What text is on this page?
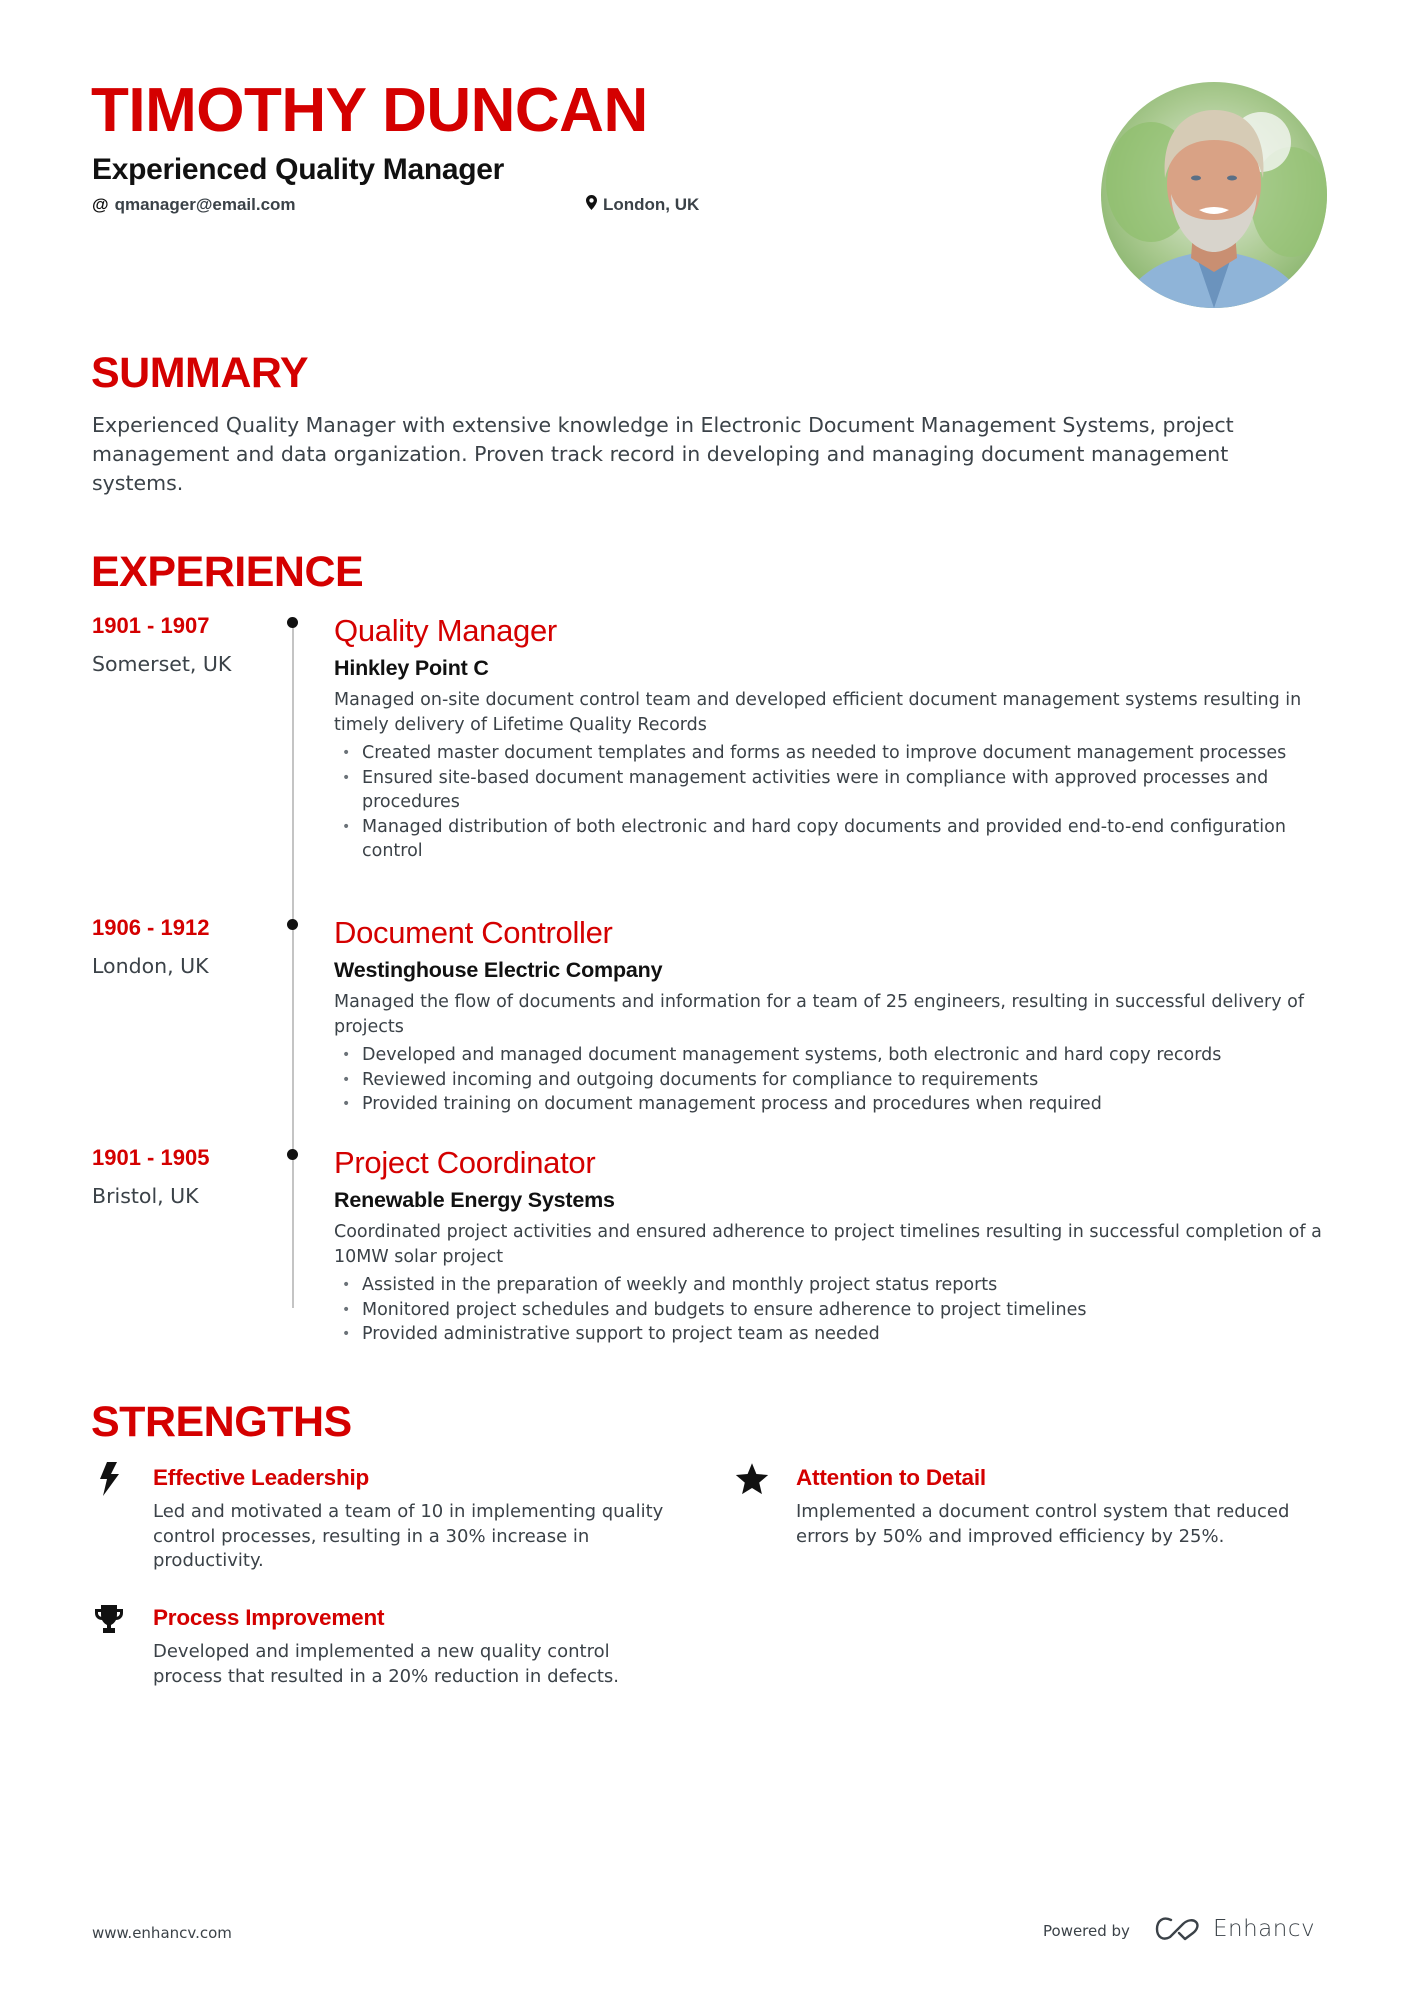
TIMOTHY DUNCAN
Experienced Quality Manager
@ qmanager@email.com	London, UK
SUMMARY
Experienced Quality Manager with extensive knowledge in Electronic Document Management Systems, project management and data organization. Proven track record in developing and managing document management systems.
EXPERIENCE
1901 - 1907
Somerset, UK
Quality Manager
Hinkley Point C
Managed on-site document control team and developed efficient document management systems resulting in timely delivery of Lifetime Quality Records
• Created master document templates and forms as needed to improve document management processes
• Ensured site-based document management activities were in compliance with approved processes and procedures
• Managed distribution of both electronic and hard copy documents and provided end-to-end configuration control
1906 - 1912
London, UK
Document Controller
Westinghouse Electric Company
Managed the flow of documents and information for a team of 25 engineers, resulting in successful delivery of projects
• Developed and managed document management systems, both electronic and hard copy records
• Reviewed incoming and outgoing documents for compliance to requirements
• Provided training on document management process and procedures when required
1901 - 1905
Bristol, UK
Project Coordinator
Renewable Energy Systems
Coordinated project activities and ensured adherence to project timelines resulting in successful completion of a 10MW solar project
• Assisted in the preparation of weekly and monthly project status reports
• Monitored project schedules and budgets to ensure adherence to project timelines
• Provided administrative support to project team as needed
STRENGTHS
Effective Leadership
Led and motivated a team of 10 in implementing quality control processes, resulting in a 30% increase in productivity.
Attention to Detail
Implemented a document control system that reduced errors by 50% and improved efficiency by 25%.
Process Improvement
Developed and implemented a new quality control process that resulted in a 20% reduction in defects.
www.enhancv.com	Powered by	Enhancv
